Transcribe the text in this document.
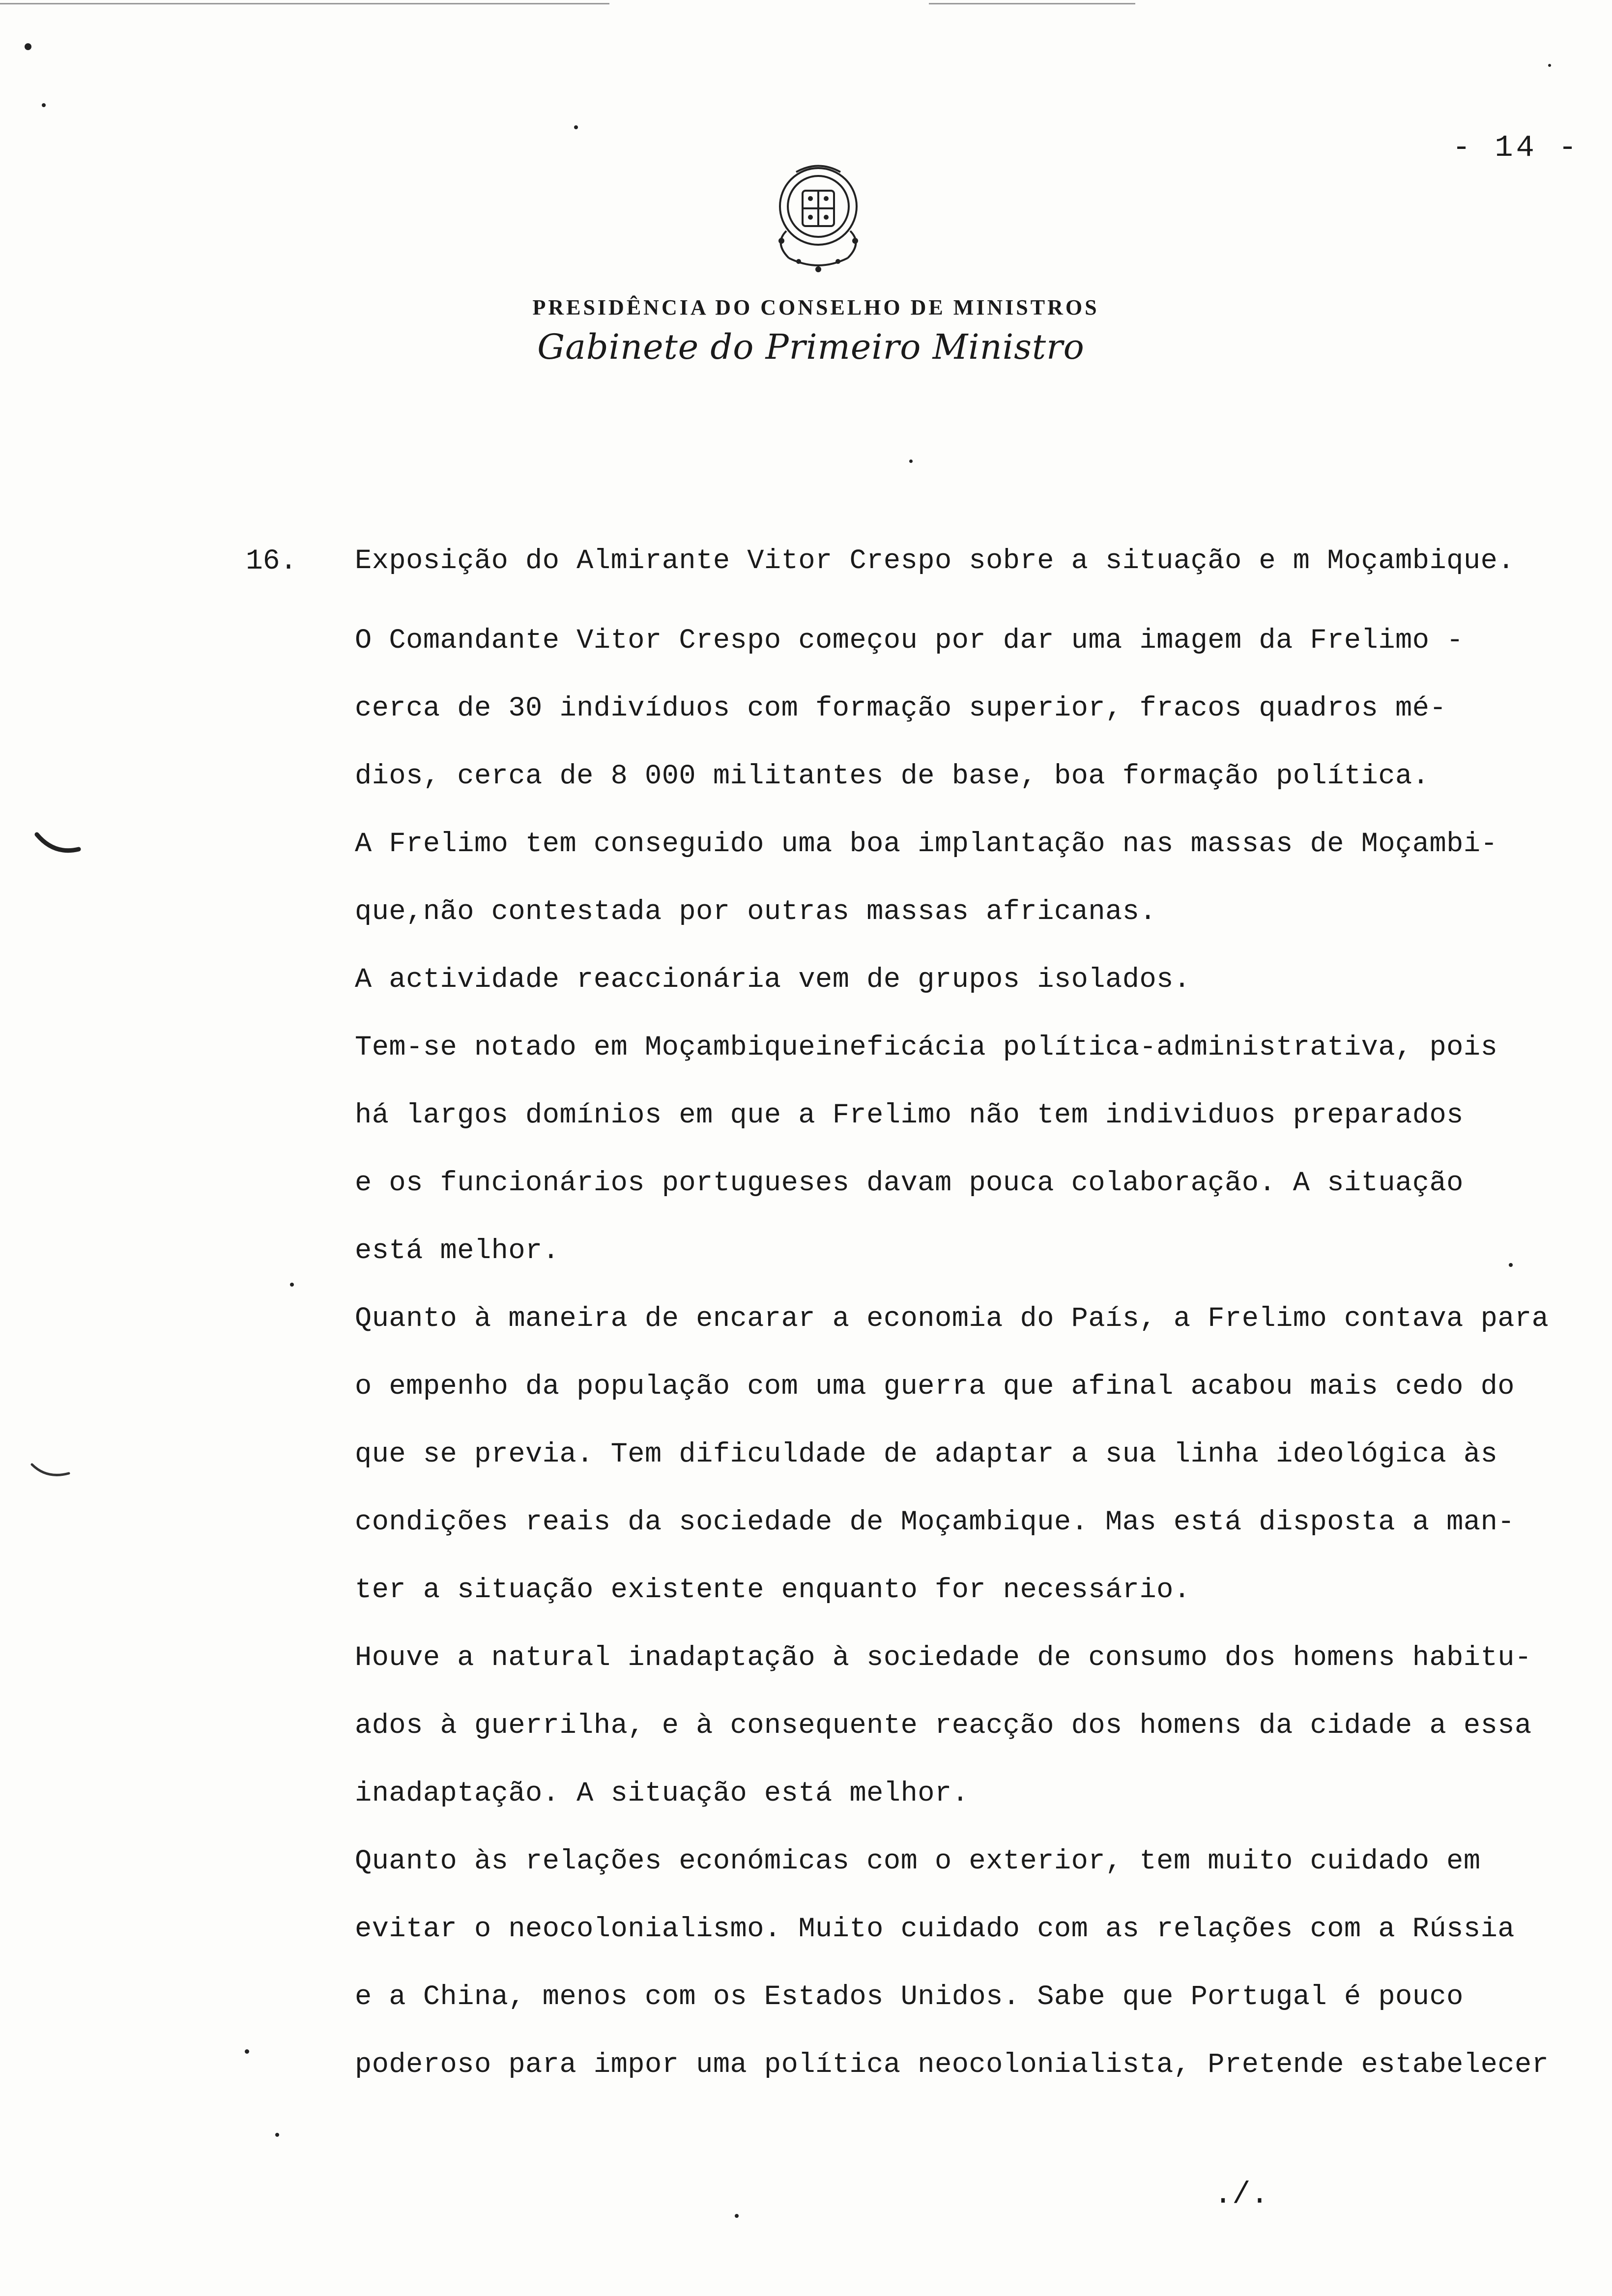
- 14 -
PRESIDÊNCIA DO CONSELHO DE MINISTROS
Gabinete do Primeiro Ministro
16. Exposição do Almirante Vitor Crespo sobre a situação e m Moçambique.
O Comandante Vitor Crespo começou por dar uma imagem da Frelimo -
cerca de 30 indivíduos com formação superior, fracos quadros mé-
dios, cerca de 8 000 militantes de base, boa formação política.
A Frelimo tem conseguido uma boa implantação nas massas de Moçambi-
que,não contestada por outras massas africanas.
A actividade reaccionária vem de grupos isolados.
Tem-se notado em Moçambiqueineficácia política-administrativa, pois
há largos domínios em que a Frelimo não tem individuos preparados
e os funcionários portugueses davam pouca colaboração. A situação
está melhor.
Quanto à maneira de encarar a economia do País, a Frelimo contava para
o empenho da população com uma guerra que afinal acabou mais cedo do
que se previa. Tem dificuldade de adaptar a sua linha ideológica às
condições reais da sociedade de Moçambique. Mas está disposta a man-
ter a situação existente enquanto for necessário.
Houve a natural inadaptação à sociedade de consumo dos homens habitu-
ados à guerrilha, e à consequente reacção dos homens da cidade a essa
inadaptação. A situação está melhor.
Quanto às relações económicas com o exterior, tem muito cuidado em
evitar o neocolonialismo. Muito cuidado com as relações com a Rússia
e a China, menos com os Estados Unidos. Sabe que Portugal é pouco
poderoso para impor uma política neocolonialista, Pretende estabelecer
./.
